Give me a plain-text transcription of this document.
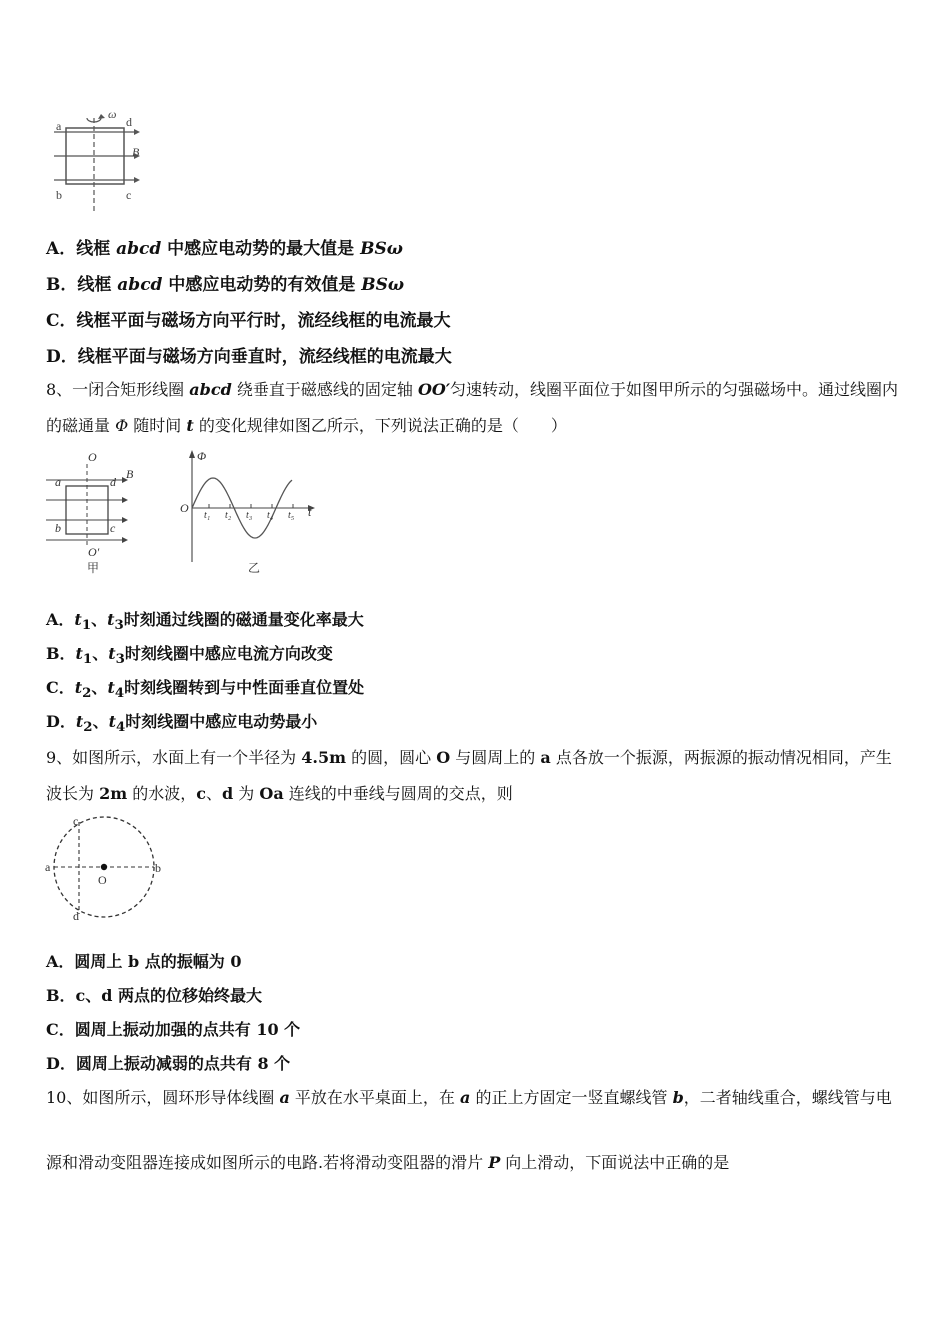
a	d
b	c
B
ω
A．线框 abcd 中感应电动势的最大值是 BSω
B．线框 abcd 中感应电动势的有效值是 BSω
C．线框平面与磁场方向平行时，流经线框的电流最大
D．线框平面与磁场方向垂直时，流经线框的电流最大
8、一闭合矩形线圈 abcd 绕垂直于磁感线的固定轴 OO′匀速转动，线圈平面位于如图甲所示的匀强磁场中。通过线圈内
的磁通量 Φ 随时间 t 的变化规律如图乙所示，下列说法正确的是（　　）
O
B
a	d
b	c
O′
甲
Φ
O	t
t₁ t₂ t₃ t₄ t₅
乙
A．$t_1$、$t_3$时刻通过线圈的磁通量变化率最大
B．$t_1$、$t_3$时刻线圈中感应电流方向改变
C．$t_2$、$t_4$时刻线圈转到与中性面垂直位置处
D．$t_2$、$t_4$时刻线圈中感应电动势最小
9、如图所示，水面上有一个半径为 4.5m 的圆，圆心 O 与圆周上的 a 点各放一个振源，两振源的振动情况相同，产生
波长为 2m 的水波，c、d 为 Oa 连线的中垂线与圆周的交点，则
a	b
c
d
O
A．圆周上 b 点的振幅为 0
B．c、d 两点的位移始终最大
C．圆周上振动加强的点共有 10 个
D．圆周上振动减弱的点共有 8 个
10、如图所示，圆环形导体线圈 a 平放在水平桌面上，在 a 的正上方固定一竖直螺线管 b，二者轴线重合，螺线管与电
源和滑动变阻器连接成如图所示的电路.若将滑动变阻器的滑片 P 向上滑动，下面说法中正确的是
